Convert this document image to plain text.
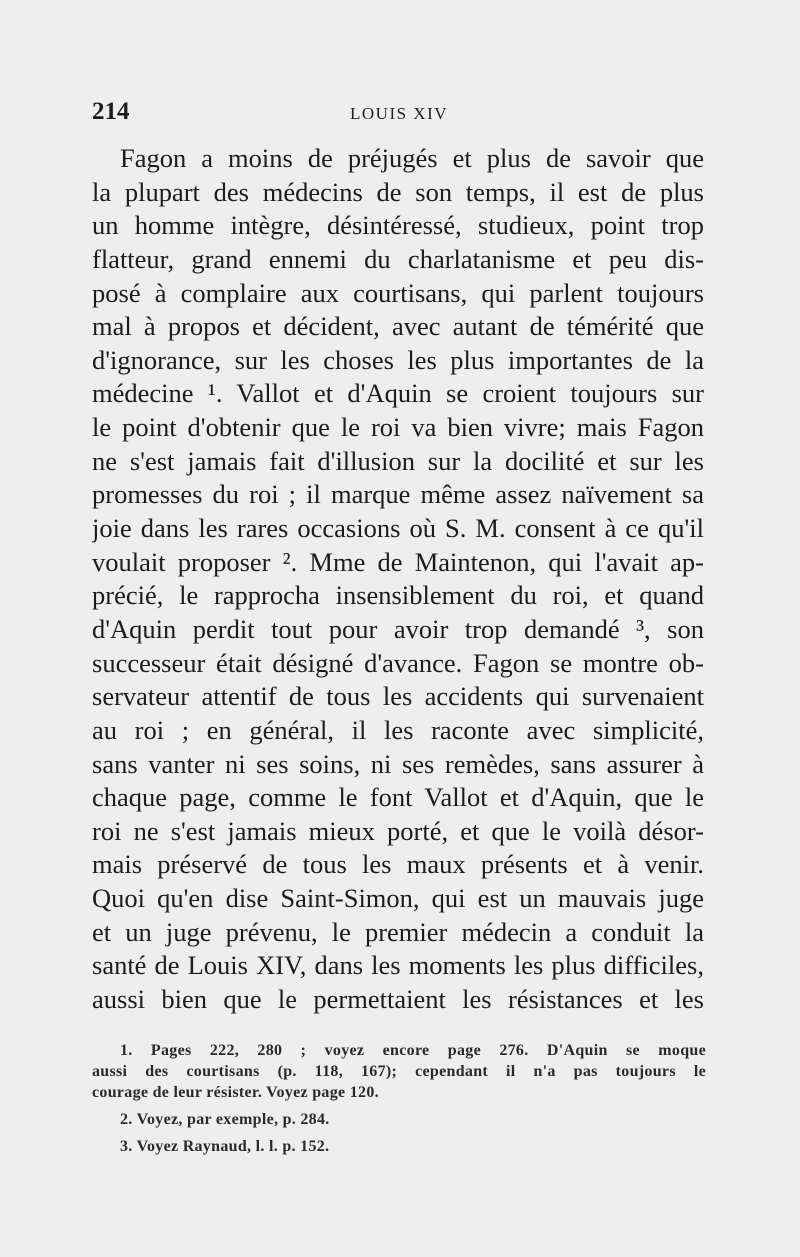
214	LOUIS XIV
Fagon a moins de préjugés et plus de savoir que
la plupart des médecins de son temps, il est de plus
un homme intègre, désintéressé, studieux, point trop
flatteur, grand ennemi du charlatanisme et peu dis-
posé à complaire aux courtisans, qui parlent toujours
mal à propos et décident, avec autant de témérité que
d'ignorance, sur les choses les plus importantes de la
médecine ¹. Vallot et d'Aquin se croient toujours sur
le point d'obtenir que le roi va bien vivre; mais Fagon
ne s'est jamais fait d'illusion sur la docilité et sur les
promesses du roi ; il marque même assez naïvement sa
joie dans les rares occasions où S. M. consent à ce qu'il
voulait proposer ². Mme de Maintenon, qui l'avait ap-
précié, le rapprocha insensiblement du roi, et quand
d'Aquin perdit tout pour avoir trop demandé ³, son
successeur était désigné d'avance. Fagon se montre ob-
servateur attentif de tous les accidents qui survenaient
au roi ; en général, il les raconte avec simplicité,
sans vanter ni ses soins, ni ses remèdes, sans assurer à
chaque page, comme le font Vallot et d'Aquin, que le
roi ne s'est jamais mieux porté, et que le voilà désor-
mais préservé de tous les maux présents et à venir.
Quoi qu'en dise Saint-Simon, qui est un mauvais juge
et un juge prévenu, le premier médecin a conduit la
santé de Louis XIV, dans les moments les plus difficiles,
aussi bien que le permettaient les résistances et les
1. Pages 222, 280 ; voyez encore page 276. D'Aquin se moque
aussi des courtisans (p. 118, 167); cependant il n'a pas toujours le
courage de leur résister. Voyez page 120.
2. Voyez, par exemple, p. 284.
3. Voyez Raynaud, l. l. p. 152.
